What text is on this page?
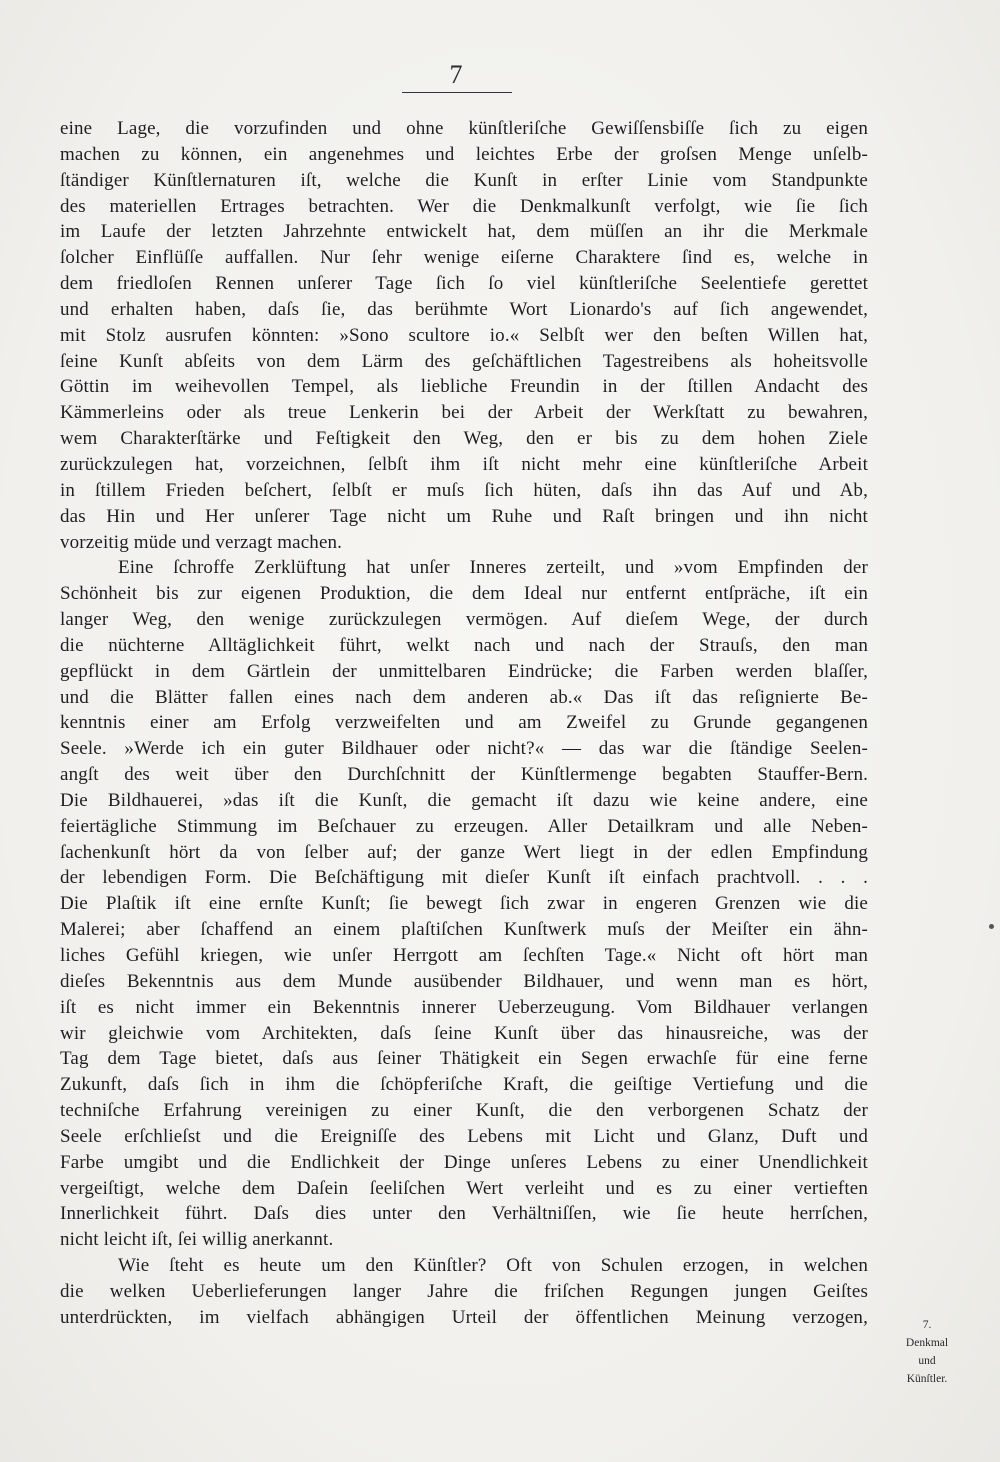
7
eine Lage, die vorzufinden und ohne künſtleriſche Gewiſſensbiſſe ſich zu eigen
machen zu können, ein angenehmes und leichtes Erbe der groſsen Menge unſelb-
ſtändiger Künſtlernaturen iſt, welche die Kunſt in erſter Linie vom Standpunkte
des materiellen Ertrages betrachten. Wer die Denkmalkunſt verfolgt, wie ſie ſich
im Laufe der letzten Jahrzehnte entwickelt hat, dem müſſen an ihr die Merkmale
ſolcher Einflüſſe auffallen. Nur ſehr wenige eiſerne Charaktere ſind es, welche in
dem friedloſen Rennen unſerer Tage ſich ſo viel künſtleriſche Seelentiefe gerettet
und erhalten haben, daſs ſie, das berühmte Wort Lionardo's auf ſich angewendet,
mit Stolz ausrufen könnten: »Sono scultore io.« Selbſt wer den beſten Willen hat,
ſeine Kunſt abſeits von dem Lärm des geſchäftlichen Tagestreibens als hoheitsvolle
Göttin im weihevollen Tempel, als liebliche Freundin in der ſtillen Andacht des
Kämmerleins oder als treue Lenkerin bei der Arbeit der Werkſtatt zu bewahren,
wem Charakterſtärke und Feſtigkeit den Weg, den er bis zu dem hohen Ziele
zurückzulegen hat, vorzeichnen, ſelbſt ihm iſt nicht mehr eine künſtleriſche Arbeit
in ſtillem Frieden beſchert, ſelbſt er muſs ſich hüten, daſs ihn das Auf und Ab,
das Hin und Her unſerer Tage nicht um Ruhe und Raſt bringen und ihn nicht
vorzeitig müde und verzagt machen.
Eine ſchroffe Zerklüftung hat unſer Inneres zerteilt, und »vom Empfinden der
Schönheit bis zur eigenen Produktion, die dem Ideal nur entfernt entſpräche, iſt ein
langer Weg, den wenige zurückzulegen vermögen. Auf dieſem Wege, der durch
die nüchterne Alltäglichkeit führt, welkt nach und nach der Strauſs, den man
gepflückt in dem Gärtlein der unmittelbaren Eindrücke; die Farben werden blaſſer,
und die Blätter fallen eines nach dem anderen ab.« Das iſt das reſignierte Be-
kenntnis einer am Erfolg verzweifelten und am Zweifel zu Grunde gegangenen
Seele. »Werde ich ein guter Bildhauer oder nicht?« — das war die ſtändige Seelen-
angſt des weit über den Durchſchnitt der Künſtlermenge begabten Stauffer-Bern.
Die Bildhauerei, »das iſt die Kunſt, die gemacht iſt dazu wie keine andere, eine
feiertägliche Stimmung im Beſchauer zu erzeugen. Aller Detailkram und alle Neben-
ſachenkunſt hört da von ſelber auf; der ganze Wert liegt in der edlen Empfindung
der lebendigen Form. Die Beſchäftigung mit dieſer Kunſt iſt einfach prachtvoll. . . .
Die Plaſtik iſt eine ernſte Kunſt; ſie bewegt ſich zwar in engeren Grenzen wie die
Malerei; aber ſchaffend an einem plaſtiſchen Kunſtwerk muſs der Meiſter ein ähn-
liches Gefühl kriegen, wie unſer Herrgott am ſechſten Tage.« Nicht oft hört man
dieſes Bekenntnis aus dem Munde ausübender Bildhauer, und wenn man es hört,
iſt es nicht immer ein Bekenntnis innerer Ueberzeugung. Vom Bildhauer verlangen
wir gleichwie vom Architekten, daſs ſeine Kunſt über das hinausreiche, was der
Tag dem Tage bietet, daſs aus ſeiner Thätigkeit ein Segen erwachſe für eine ferne
Zukunft, daſs ſich in ihm die ſchöpferiſche Kraft, die geiſtige Vertiefung und die
techniſche Erfahrung vereinigen zu einer Kunſt, die den verborgenen Schatz der
Seele erſchlieſst und die Ereigniſſe des Lebens mit Licht und Glanz, Duft und
Farbe umgibt und die Endlichkeit der Dinge unſeres Lebens zu einer Unendlichkeit
vergeiſtigt, welche dem Daſein ſeeliſchen Wert verleiht und es zu einer vertieften
Innerlichkeit führt. Daſs dies unter den Verhältniſſen, wie ſie heute herrſchen,
nicht leicht iſt, ſei willig anerkannt.
Wie ſteht es heute um den Künſtler? Oft von Schulen erzogen, in welchen
die welken Ueberlieferungen langer Jahre die friſchen Regungen jungen Geiſtes
unterdrückten, im vielfach abhängigen Urteil der öffentlichen Meinung verzogen,	7.
Denkmal
und
Künſtler.
